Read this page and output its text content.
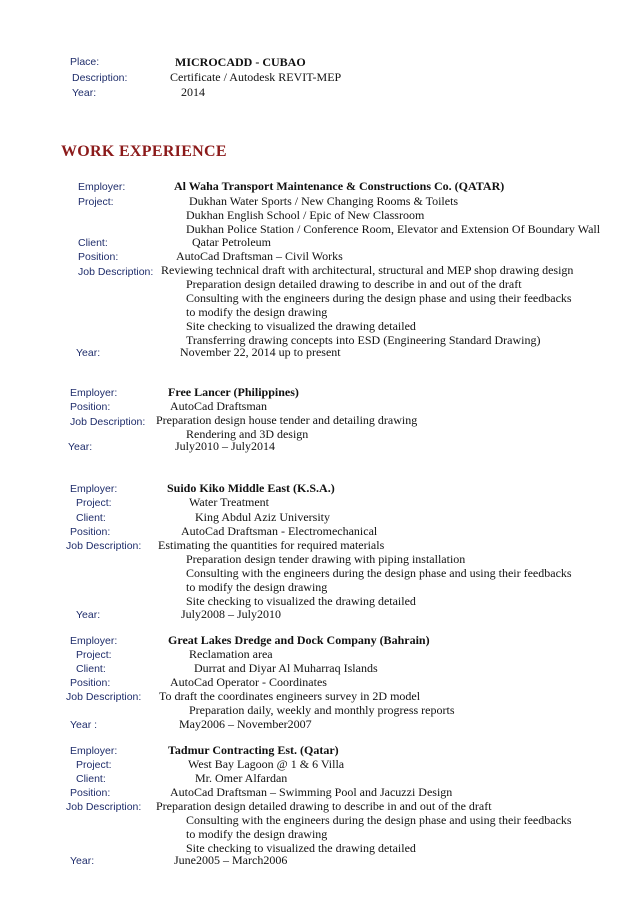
Place:	MICROCADD - CUBAO
Description:	Certificate / Autodesk REVIT-MEP
Year:	2014
WORK EXPERIENCE
Employer:	Al Waha Transport Maintenance & Constructions Co. (QATAR)
Project:	Dukhan Water Sports / New Changing Rooms & Toilets
Dukhan English School / Epic of New Classroom
Dukhan Police Station / Conference Room, Elevator and Extension Of Boundary Wall
Client:	Qatar Petroleum
Position:	AutoCad Draftsman – Civil Works
Job Description: Reviewing technical draft with architectural, structural and MEP shop drawing design
Preparation design detailed drawing to describe in and out of the draft
Consulting with the engineers during the design phase and using their feedbacks
to modify the design drawing
Site checking to visualized the drawing detailed
Transferring drawing concepts into ESD (Engineering Standard Drawing)
Year:	November 22, 2014 up to present
Employer:	Free Lancer (Philippines)
Position:	AutoCad Draftsman
Job Description: Preparation design house tender and detailing drawing
Rendering and 3D design
Year:	July2010 – July2014
Employer:	Suido Kiko Middle East (K.S.A.)
Project:	Water Treatment
Client:	King Abdul Aziz University
Position:	AutoCad Draftsman - Electromechanical
Job Description: Estimating the quantities for required materials
Preparation design tender drawing with piping installation
Consulting with the engineers during the design phase and using their feedbacks
to modify the design drawing
Site checking to visualized the drawing detailed
Year:	July2008 – July2010
Employer:	Great Lakes Dredge and Dock Company (Bahrain)
Project:	Reclamation area
Client:	Durrat and Diyar Al Muharraq Islands
Position:	AutoCad Operator - Coordinates
Job Description: To draft the coordinates engineers survey in 2D model
Preparation daily, weekly and monthly progress reports
Year :	May2006 – November2007
Employer:	Tadmur Contracting Est. (Qatar)
Project:	West Bay Lagoon @ 1 & 6 Villa
Client:	Mr. Omer Alfardan
Position:	AutoCad Draftsman – Swimming Pool and Jacuzzi Design
Job Description: Preparation design detailed drawing to describe in and out of the draft
Consulting with the engineers during the design phase and using their feedbacks
to modify the design drawing
Site checking to visualized the drawing detailed
Year:	June2005 – March2006
